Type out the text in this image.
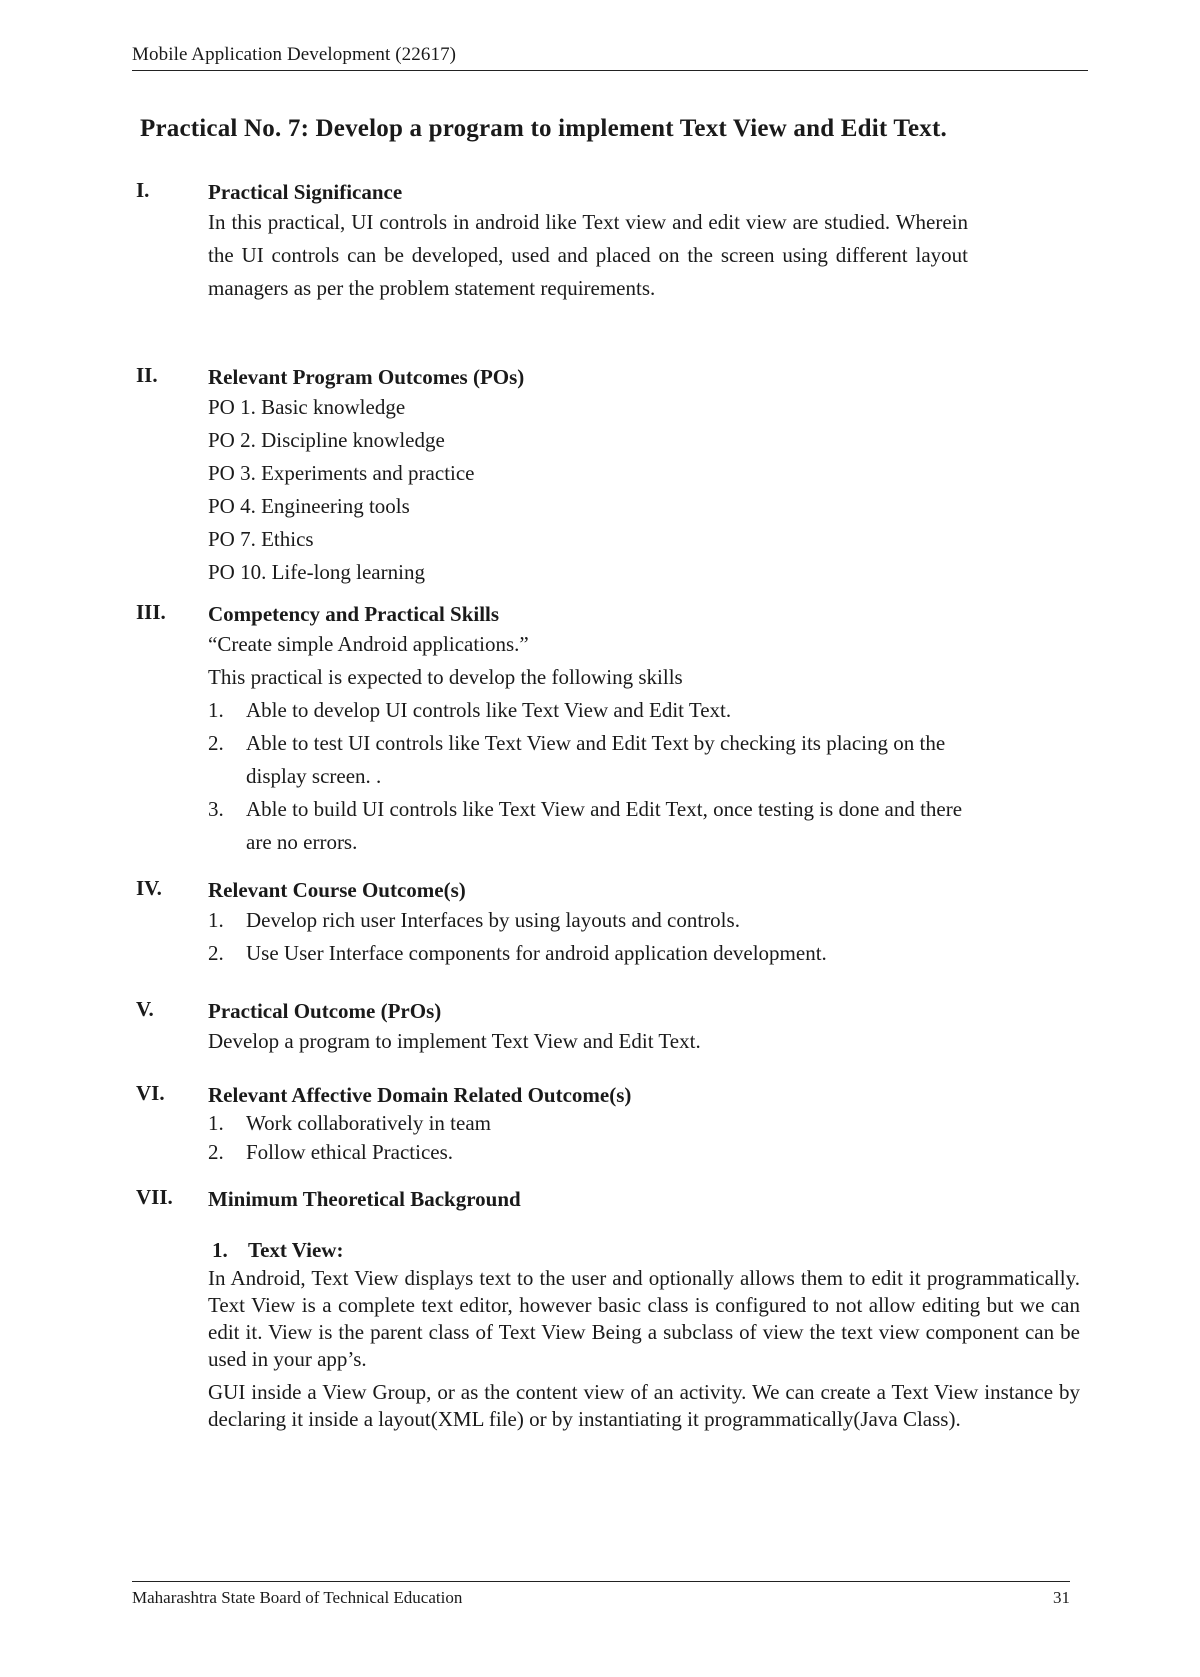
Mobile Application Development (22617)
Practical No. 7: Develop a program to implement Text View and Edit Text.
I.	Practical Significance

In this practical, UI controls in android like Text view and edit view are studied. Wherein the UI controls can be developed, used and placed on the screen using different layout managers as per the problem statement requirements.

II. Relevant Program Outcomes (POs)
PO 1. Basic knowledge
PO 2. Discipline knowledge
PO 3. Experiments and practice
PO 4. Engineering tools
PO 7. Ethics
PO 10. Life-long learning
III. Competency and Practical Skills
“Create simple Android applications.”
This practical is expected to develop the following skills
1. Able to develop UI controls like Text View and Edit Text.
2. Able to test UI controls like Text View and Edit Text by checking its placing on the display screen. .
3. Able to build UI controls like Text View and Edit Text, once testing is done and there are no errors.
IV. Relevant Course Outcome(s)
1. Develop rich user Interfaces by using layouts and controls.
2. Use User Interface components for android application development.
V.	Practical Outcome (PrOs)

Develop a program to implement Text View and Edit Text.

VI. Relevant Affective Domain Related Outcome(s)
1. Work collaboratively in team
2. Follow ethical Practices.
VII. Minimum Theoretical Background
1. Text View:

In Android, Text View displays text to the user and optionally allows them to edit it programmatically. Text View is a complete text editor, however basic class is configured to not allow editing but we can edit it. View is the parent class of Text View Being a subclass of view the text view component can be used in your app’s.

GUI inside a View Group, or as the content view of an activity. We can create a Text View instance by declaring it inside a layout(XML file) or by instantiating it programmatically(Java Class).

Maharashtra State Board of Technical Education	31
